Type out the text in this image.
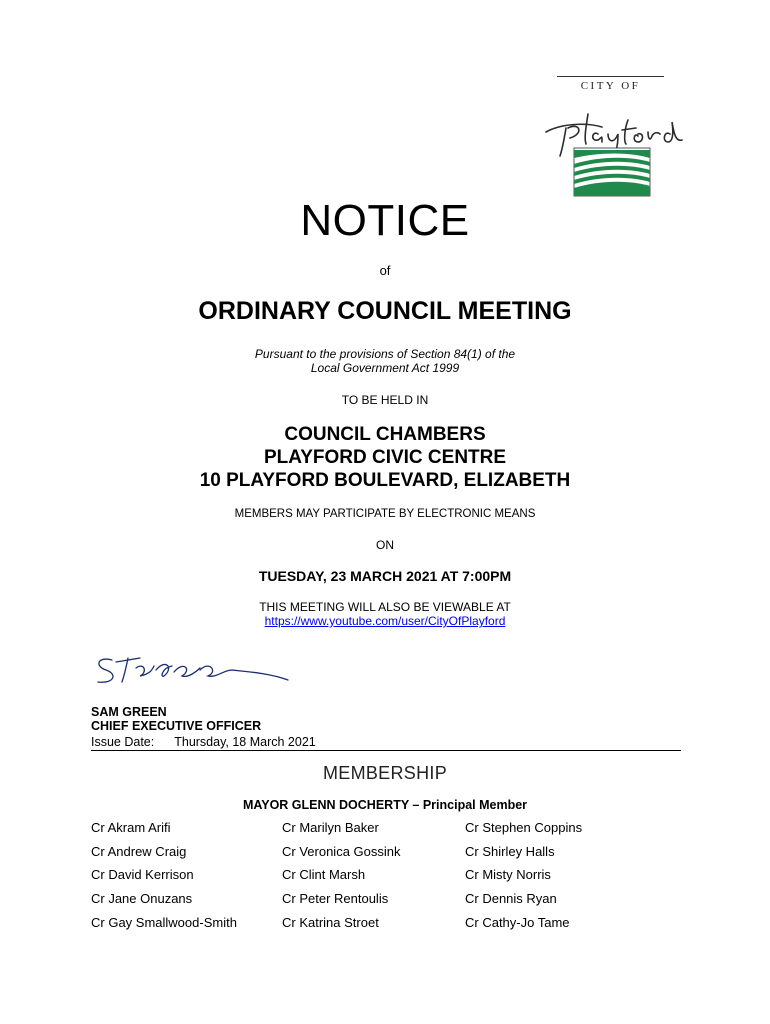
CITY OF
NOTICE
of
ORDINARY COUNCIL MEETING
Pursuant to the provisions of Section 84(1) of the
Local Government Act 1999
TO BE HELD IN
COUNCIL CHAMBERS
PLAYFORD CIVIC CENTRE
10 PLAYFORD BOULEVARD, ELIZABETH
MEMBERS MAY PARTICIPATE BY ELECTRONIC MEANS
ON
TUESDAY, 23 MARCH 2021 AT 7:00PM
THIS MEETING WILL ALSO BE VIEWABLE AT
https://www.youtube.com/user/CityOfPlayford
SAM GREEN
CHIEF EXECUTIVE OFFICER
Issue Date: Thursday, 18 March 2021
MEMBERSHIP
MAYOR GLENN DOCHERTY – Principal Member
Cr Akram Arifi	Cr Marilyn Baker	Cr Stephen Coppins
Cr Andrew Craig	Cr Veronica Gossink	Cr Shirley Halls
Cr David Kerrison	Cr Clint Marsh	Cr Misty Norris
Cr Jane Onuzans	Cr Peter Rentoulis	Cr Dennis Ryan
Cr Gay Smallwood-Smith	Cr Katrina Stroet	Cr Cathy-Jo Tame
